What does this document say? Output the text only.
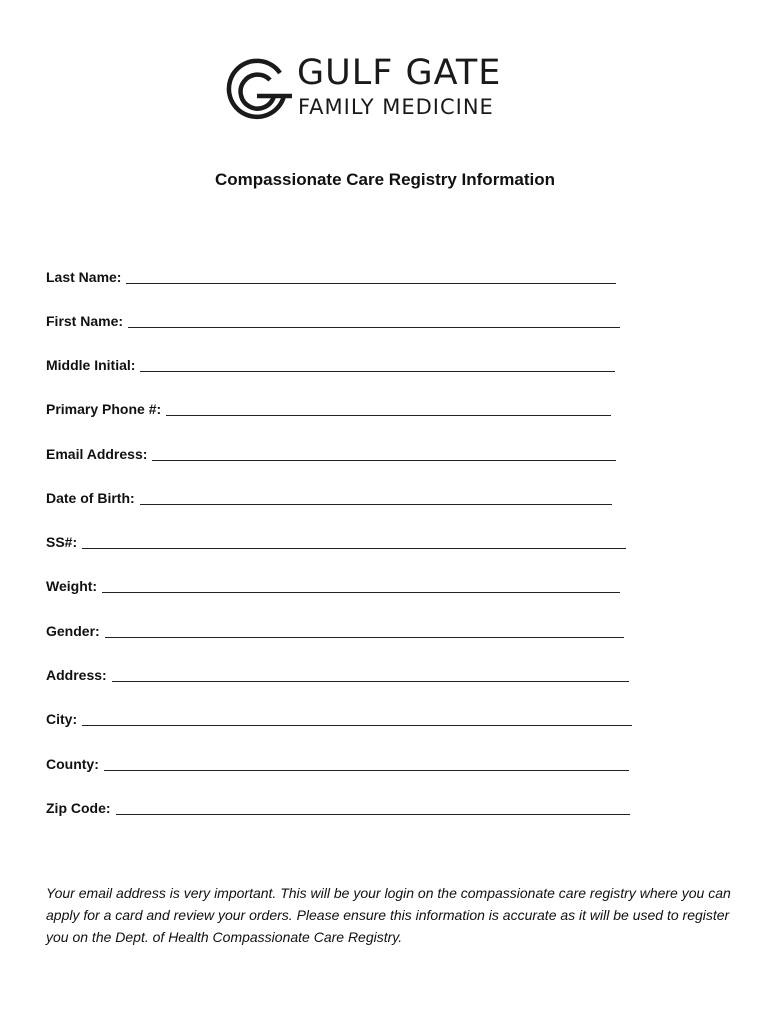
GULF GATE
FAMILY MEDICINE
Compassionate Care Registry Information
Last Name:
First Name:
Middle Initial:
Primary Phone #:
Email Address:
Date of Birth:
SS#:
Weight:
Gender:
Address:
City:
County:
Zip Code:
Your email address is very important. This will be your login on the compassionate care registry where you can apply for a card and review your orders. Please ensure this information is accurate as it will be used to register you on the Dept. of Health Compassionate Care Registry.
